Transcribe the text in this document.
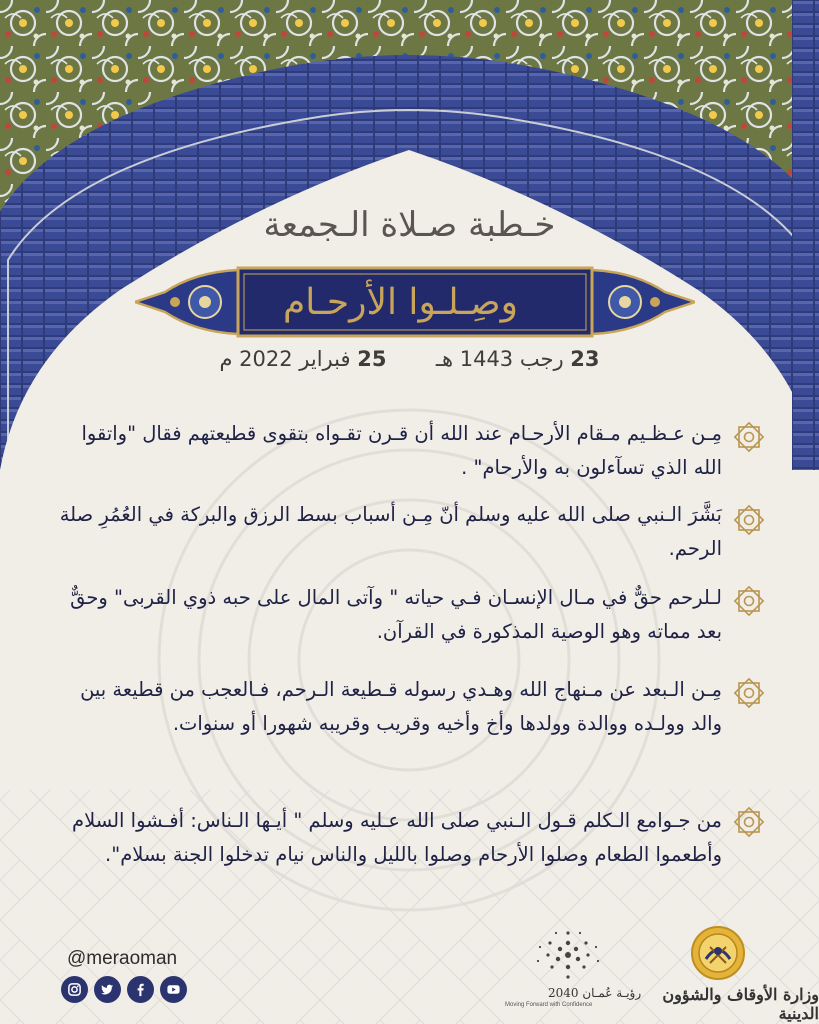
خـطبة صـلاة الـجمعة
وصِـلـوا الأرحـام
23 رجب 1443 هـ  25 فبراير 2022 م
مِـن عـظـيم مـقام الأرحـام عند الله أن قـرن تقـواه بتقوى قطيعتهم فقال "واتقوا
الله الذي تسآءلون به والأرحام" .
بَشَّرَ الـنبي صلى الله عليه وسلم أنّ مِـن أسباب بسط الرزق والبركة في العُمُرِ صلة
الرحم.
لـلرحم حقٌّ في مـال الإنسـان فـي حياته " وآتى المال على حبه ذوي القربى" وحقٌّ
بعد مماته وهو الوصية المذكورة في القرآن.
مِـن الـبعد عن مـنهاج الله وهـدي رسوله قـطيعة الـرحم، فـالعجب من قطيعة بين
والد وولـده ووالدة وولدها وأخ وأخيه وقريب وقريبه شهورا أو سنوات.
من جـوامع الـكلم قـول الـنبي صلى الله عـليه وسلم " أيـها الـناس: أفـشوا السلام
وأطعموا الطعام وصلوا الأرحام وصلوا بالليل والناس نيام تدخلوا الجنة بسلام".
@meraoman
رؤيـة عُمـان 2040
Moving Forward with Confidence
وزارة الأوقاف والشؤون الدينية
